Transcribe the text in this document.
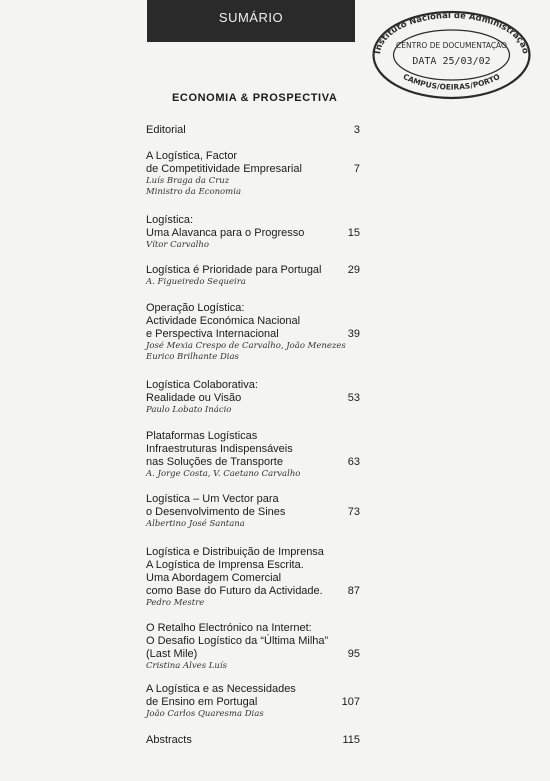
SUMÁRIO
Instituto Nacional de Administração
CAMPUS/OEIRAS/PORTO
CENTRO DE DOCUMENTAÇÃO
DATA 25/03/02
ECONOMIA & PROSPECTIVA
Editorial	3
A Logística, Factor
de Competitividade Empresarial
Luís Braga da Cruz
Ministro da Economia
7
Logística:
Uma Alavanca para o Progresso
Vítor Carvalho
15
Logística é Prioridade para Portugal
A. Figueiredo Sequeira
29
Operação Logística:
Actividade Económica Nacional
e Perspectiva Internacional
José Mexia Crespo de Carvalho, João Menezes
Eurico Brilhante Dias
39
Logística Colaborativa:
Realidade ou Visão
Paulo Lobato Inácio
53
Plataformas Logísticas
Infraestruturas Indispensáveis
nas Soluções de Transporte
A. Jorge Costa, V. Caetano Carvalho
63
Logística – Um Vector para
o Desenvolvimento de Sines
Albertino José Santana
73
Logística e Distribuição de Imprensa
A Logística de Imprensa Escrita.
Uma Abordagem Comercial
como Base do Futuro da Actividade.
Pedro Mestre
87
O Retalho Electrónico na Internet:
O Desafio Logístico da “Última Milha”
(Last Mile)
Cristina Alves Luís
95
A Logística e as Necessidades
de Ensino em Portugal
João Carlos Quaresma Dias
107
Abstracts	115
